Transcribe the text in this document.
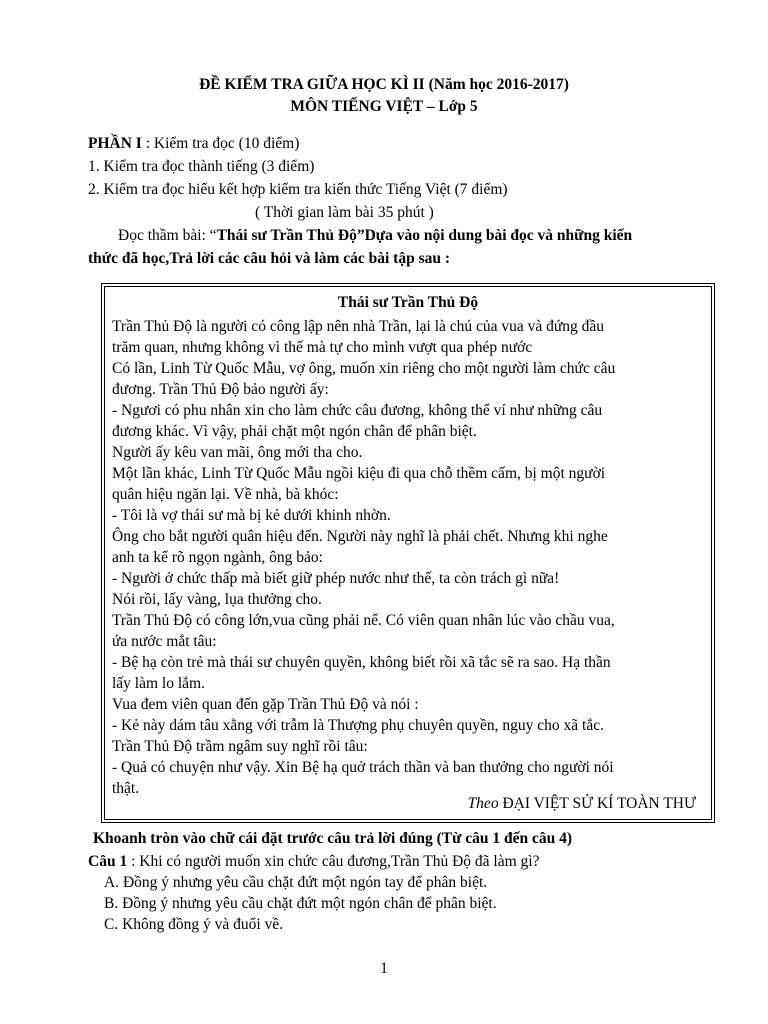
ĐỀ KIỂM TRA GIỮA HỌC KÌ II (Năm học 2016-2017)
MÔN TIẾNG VIỆT – Lớp 5
PHẦN I : Kiểm tra đọc (10 điểm)
1. Kiểm tra đọc thành tiếng (3 điểm)
2. Kiểm tra đọc hiểu kết hợp kiểm tra kiến thức Tiếng Việt (7 điểm)
( Thời gian làm bài 35 phút )
Đọc thầm bài: “Thái sư Trần Thủ Độ”Dựa vào nội dung bài đọc và những kiến
thức đã học,Trả lời các câu hỏi và làm các bài tập sau :
Thái sư Trần Thủ Độ
Trần Thủ Độ là người có công lập nên nhà Trần, lại là chú của vua và đứng đầu
trăm quan, nhưng không vì thế mà tự cho mình vượt qua phép nước
Có lần, Linh Từ Quốc Mẫu, vợ ông, muốn xin riêng cho một người làm chức câu
đương. Trần Thủ Độ bảo người ấy:
- Ngươi có phu nhân xin cho làm chức câu đương, không thể ví như những câu
đương khác. Vì vậy, phải chặt một ngón chân để phân biệt.
Người ấy kêu van mãi, ông mới tha cho.
Một lần khác, Linh Từ Quốc Mẫu ngồi kiệu đi qua chỗ thềm cấm, bị một người
quân hiệu ngăn lại. Về nhà, bà khóc:
- Tôi là vợ thái sư mà bị kẻ dưới khinh nhờn.
Ông cho bắt người quân hiệu đến. Người này nghĩ là phải chết. Nhưng khi nghe
anh ta kể rõ ngọn ngành, ông bảo:
- Người ở chức thấp mà biết giữ phép nước như thế, ta còn trách gì nữa!
Nói rồi, lấy vàng, lụa thưởng cho.
Trần Thủ Độ có công lớn,vua cũng phải nể. Có viên quan nhân lúc vào chầu vua,
ứa nước mắt tâu:
- Bệ hạ còn trẻ mà thái sư chuyên quyền, không biết rồi xã tắc sẽ ra sao. Hạ thần
lấy làm lo lắm.
Vua đem viên quan đến gặp Trần Thủ Độ và nói :
- Kẻ này dám tâu xằng với trẫm là Thượng phụ chuyên quyền, nguy cho xã tắc.
Trần Thủ Độ trầm ngâm suy nghĩ rồi tâu:
- Quả có chuyện như vậy. Xin Bệ hạ quở trách thần và ban thưởng cho người nói
thật.
Theo ĐẠI VIỆT SỬ KÍ TOÀN THƯ
Khoanh tròn vào chữ cái đặt trước câu trả lời đúng (Từ câu 1 đến câu 4)
Câu 1 : Khi có người muốn xin chức câu đương,Trần Thủ Độ đã làm gì?
A. Đồng ý nhưng yêu cầu chặt đứt một ngón tay để phân biệt.
B. Đồng ý nhưng yêu cầu chặt đứt một ngón chân để phân biệt.
C. Không đồng ý và đuổi về.
1
